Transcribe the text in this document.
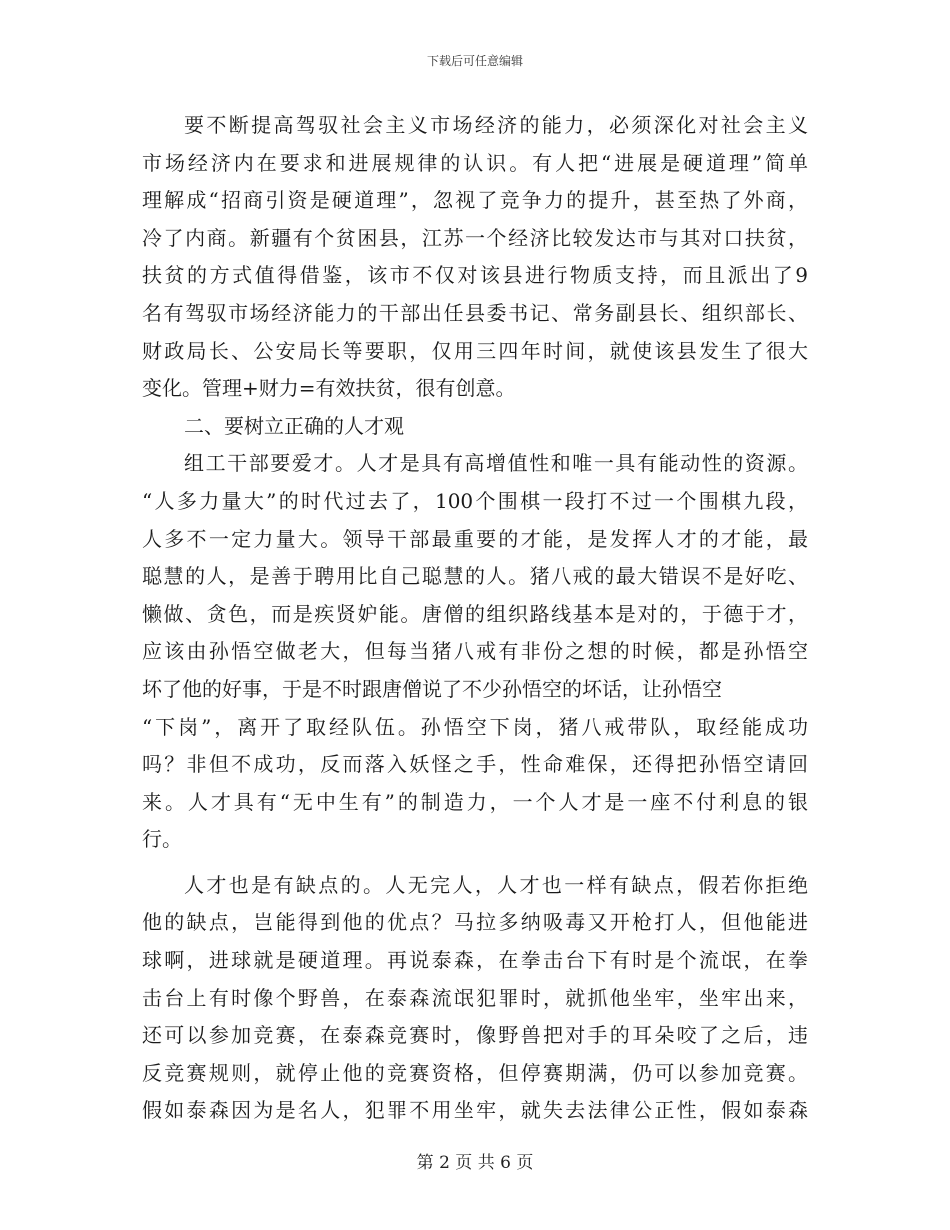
下载后可任意编辑
要不断提高驾驭社会主义市场经济的能力，必须深化对社会主义
市场经济内在要求和进展规律的认识。有人把“进展是硬道理”简单
理解成“招商引资是硬道理”，忽视了竞争力的提升，甚至热了外商，
冷了内商。新疆有个贫困县，江苏一个经济比较发达市与其对口扶贫，
扶贫的方式值得借鉴，该市不仅对该县进行物质支持，而且派出了9
名有驾驭市场经济能力的干部出任县委书记、常务副县长、组织部长、
财政局长、公安局长等要职，仅用三四年时间，就使该县发生了很大
变化。管理+财力=有效扶贫，很有创意。
二、要树立正确的人才观
组工干部要爱才。人才是具有高增值性和唯一具有能动性的资源。
“人多力量大”的时代过去了，100个围棋一段打不过一个围棋九段，
人多不一定力量大。领导干部最重要的才能，是发挥人才的才能，最
聪慧的人，是善于聘用比自己聪慧的人。猪八戒的最大错误不是好吃、
懒做、贪色，而是疾贤妒能。唐僧的组织路线基本是对的，于德于才，
应该由孙悟空做老大，但每当猪八戒有非份之想的时候，都是孙悟空
坏了他的好事，于是不时跟唐僧说了不少孙悟空的坏话，让孙悟空
“下岗”，离开了取经队伍。孙悟空下岗，猪八戒带队，取经能成功
吗？非但不成功，反而落入妖怪之手，性命难保，还得把孙悟空请回
来。人才具有“无中生有”的制造力，一个人才是一座不付利息的银
行。
人才也是有缺点的。人无完人，人才也一样有缺点，假若你拒绝
他的缺点，岂能得到他的优点？马拉多纳吸毒又开枪打人，但他能进
球啊，进球就是硬道理。再说泰森，在拳击台下有时是个流氓，在拳
击台上有时像个野兽，在泰森流氓犯罪时，就抓他坐牢，坐牢出来，
还可以参加竞赛，在泰森竞赛时，像野兽把对手的耳朵咬了之后，违
反竞赛规则，就停止他的竞赛资格，但停赛期满，仍可以参加竞赛。
假如泰森因为是名人，犯罪不用坐牢，就失去法律公正性，假如泰森
第 2 页 共 6 页
